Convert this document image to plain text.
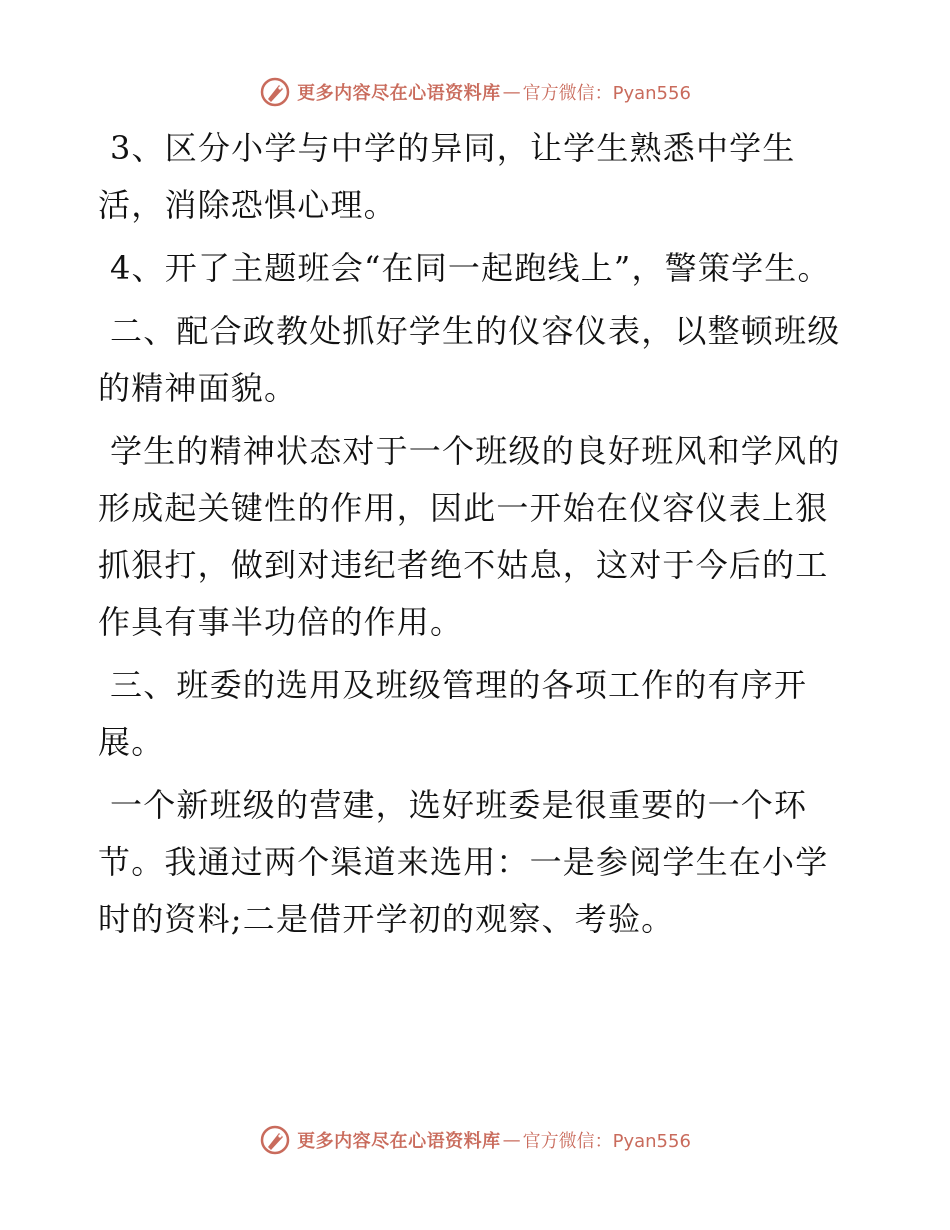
更多内容尽在心语资料库 — 官方微信：Pyan556

3、区分小学与中学的异同，让学生熟悉中学生活，消除恐惧心理。

4、开了主题班会“在同一起跑线上”，警策学生。

二、配合政教处抓好学生的仪容仪表，以整顿班级的精神面貌。

学生的精神状态对于一个班级的良好班风和学风的形成起关键性的作用，因此一开始在仪容仪表上狠抓狠打，做到对违纪者绝不姑息，这对于今后的工作具有事半功倍的作用。

三、班委的选用及班级管理的各项工作的有序开展。

一个新班级的营建，选好班委是很重要的一个环节。我通过两个渠道来选用：一是参阅学生在小学时的资料;二是借开学初的观察、考验。

更多内容尽在心语资料库 — 官方微信：Pyan556
